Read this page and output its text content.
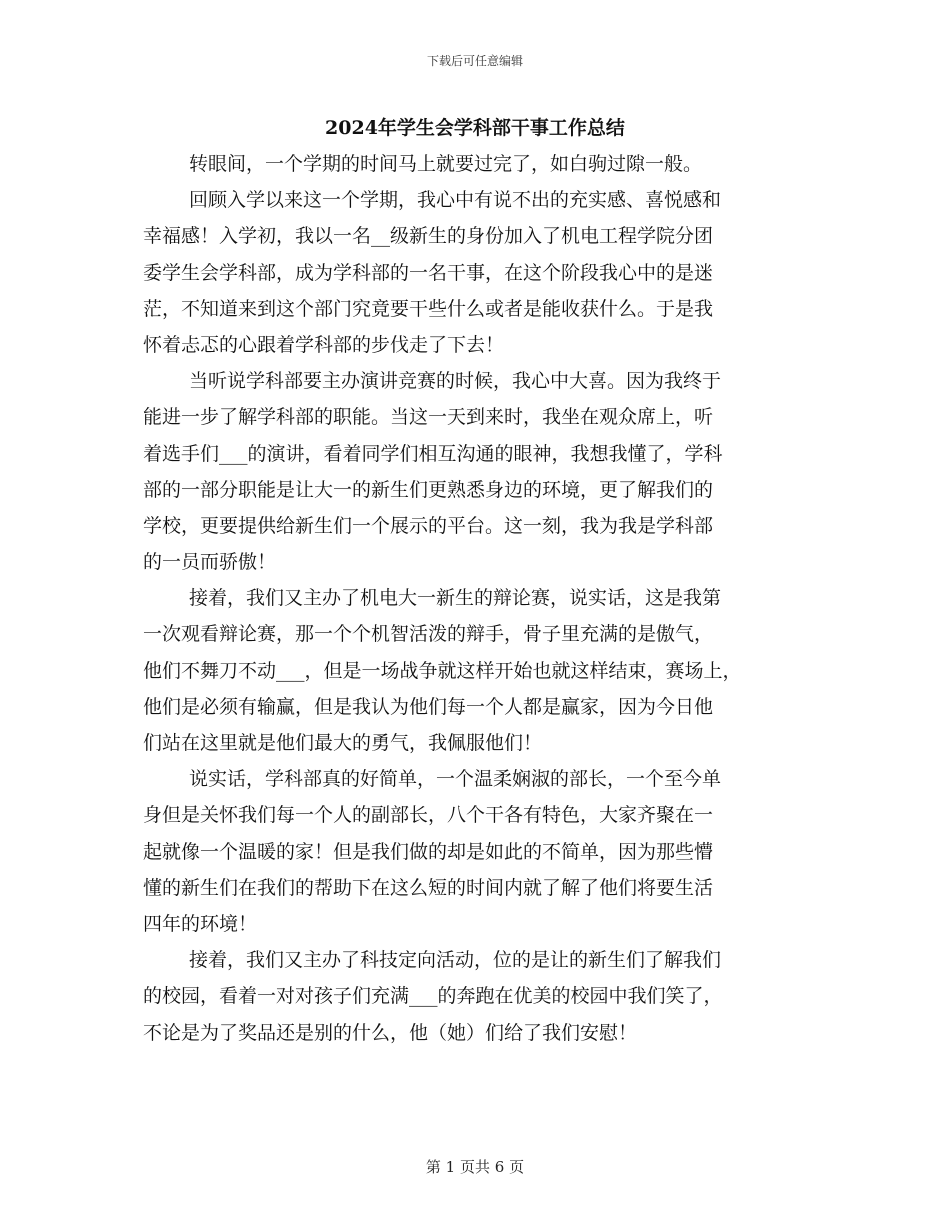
下载后可任意编辑
2024年学生会学科部干事工作总结
转眼间，一个学期的时间马上就要过完了，如白驹过隙一般。
回顾入学以来这一个学期，我心中有说不出的充实感、喜悦感和
幸福感！入学初，我以一名__级新生的身份加入了机电工程学院分团
委学生会学科部，成为学科部的一名干事，在这个阶段我心中的是迷
茫，不知道来到这个部门究竟要干些什么或者是能收获什么。于是我
怀着忐忑的心跟着学科部的步伐走了下去！
当听说学科部要主办演讲竞赛的时候，我心中大喜。因为我终于
能进一步了解学科部的职能。当这一天到来时，我坐在观众席上，听
着选手们___的演讲，看着同学们相互沟通的眼神，我想我懂了，学科
部的一部分职能是让大一的新生们更熟悉身边的环境，更了解我们的
学校，更要提供给新生们一个展示的平台。这一刻，我为我是学科部
的一员而骄傲！
接着，我们又主办了机电大一新生的辩论赛，说实话，这是我第
一次观看辩论赛，那一个个机智活泼的辩手，骨子里充满的是傲气，
他们不舞刀不动___，但是一场战争就这样开始也就这样结束，赛场上，
他们是必须有输赢，但是我认为他们每一个人都是赢家，因为今日他
们站在这里就是他们最大的勇气，我佩服他们！
说实话，学科部真的好简单，一个温柔娴淑的部长，一个至今单
身但是关怀我们每一个人的副部长，八个干各有特色，大家齐聚在一
起就像一个温暖的家！但是我们做的却是如此的不简单，因为那些懵
懂的新生们在我们的帮助下在这么短的时间内就了解了他们将要生活
四年的环境！
接着，我们又主办了科技定向活动，位的是让的新生们了解我们
的校园，看着一对对孩子们充满___的奔跑在优美的校园中我们笑了，
不论是为了奖品还是别的什么，他（她）们给了我们安慰！
第 1 页共 6 页
